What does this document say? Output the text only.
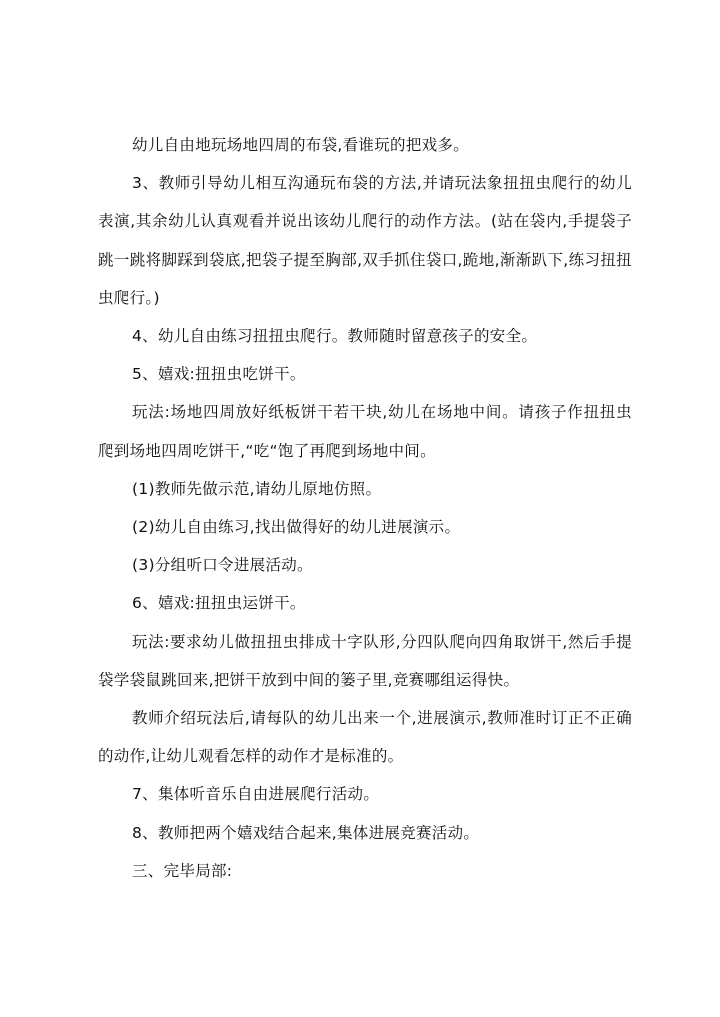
幼儿自由地玩场地四周的布袋,看谁玩的把戏多。

3、教师引导幼儿相互沟通玩布袋的方法,并请玩法象扭扭虫爬行的幼儿表演,其余幼儿认真观看并说出该幼儿爬行的动作方法。(站在袋内,手提袋子跳一跳将脚踩到袋底,把袋子提至胸部,双手抓住袋口,跪地,渐渐趴下,练习扭扭虫爬行。)

4、幼儿自由练习扭扭虫爬行。教师随时留意孩子的安全。

5、嬉戏:扭扭虫吃饼干。

玩法:场地四周放好纸板饼干若干块,幼儿在场地中间。请孩子作扭扭虫爬到场地四周吃饼干,“吃“饱了再爬到场地中间。

(1)教师先做示范,请幼儿原地仿照。

(2)幼儿自由练习,找出做得好的幼儿进展演示。

(3)分组听口令进展活动。

6、嬉戏:扭扭虫运饼干。

玩法:要求幼儿做扭扭虫排成十字队形,分四队爬向四角取饼干,然后手提袋学袋鼠跳回来,把饼干放到中间的篓子里,竞赛哪组运得快。

教师介绍玩法后,请每队的幼儿出来一个,进展演示,教师准时订正不正确的动作,让幼儿观看怎样的动作才是标准的。

7、集体听音乐自由进展爬行活动。

8、教师把两个嬉戏结合起来,集体进展竞赛活动。

三、完毕局部:
